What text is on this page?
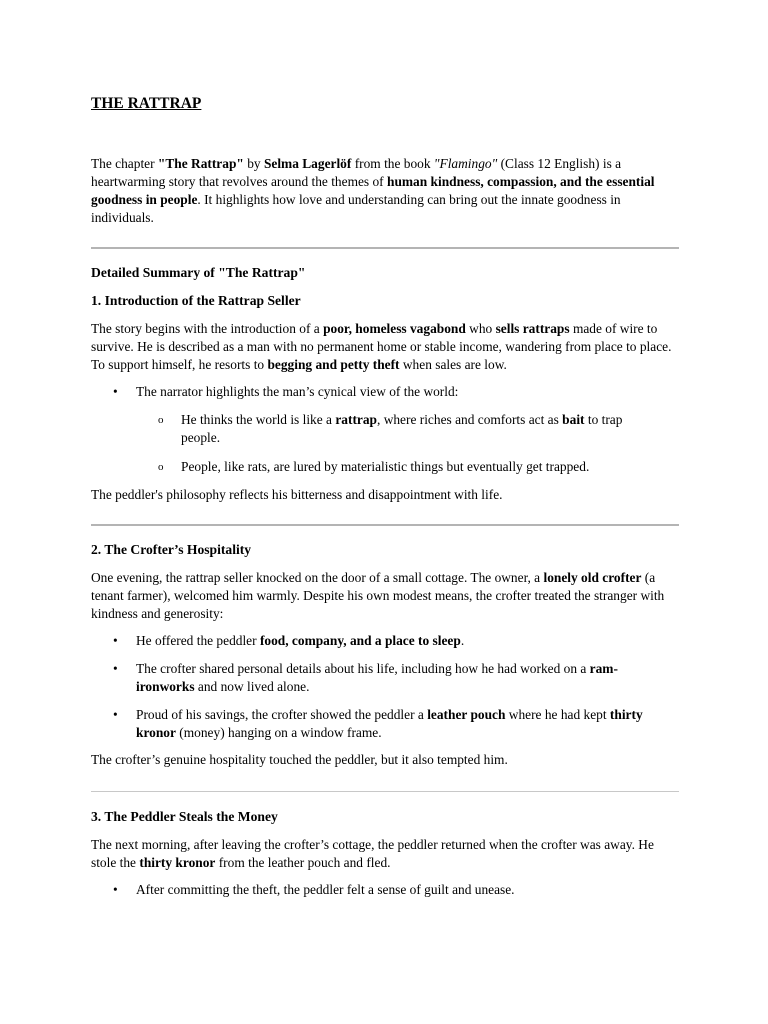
THE RATTRAP

The chapter "The Rattrap" by Selma Lagerlöf from the book "Flamingo" (Class 12 English) is a heartwarming story that revolves around the themes of human kindness, compassion, and the essential goodness in people. It highlights how love and understanding can bring out the innate goodness in individuals.

Detailed Summary of "The Rattrap"
1. Introduction of the Rattrap Seller

The story begins with the introduction of a poor, homeless vagabond who sells rattraps made of wire to survive. He is described as a man with no permanent home or stable income, wandering from place to place. To support himself, he resorts to begging and petty theft when sales are low.

• The narrator highlights the man’s cynical view of the world:
o He thinks the world is like a rattrap, where riches and comforts act as bait to trap people.
o People, like rats, are lured by materialistic things but eventually get trapped.

The peddler's philosophy reflects his bitterness and disappointment with life.

2. The Crofter’s Hospitality

One evening, the rattrap seller knocked on the door of a small cottage. The owner, a lonely old crofter (a tenant farmer), welcomed him warmly. Despite his own modest means, the crofter treated the stranger with kindness and generosity:

• He offered the peddler food, company, and a place to sleep.
• The crofter shared personal details about his life, including how he had worked on a ram-ironworks and now lived alone.
• Proud of his savings, the crofter showed the peddler a leather pouch where he had kept thirty kronor (money) hanging on a window frame.

The crofter’s genuine hospitality touched the peddler, but it also tempted him.

3. The Peddler Steals the Money

The next morning, after leaving the crofter’s cottage, the peddler returned when the crofter was away. He stole the thirty kronor from the leather pouch and fled.

• After committing the theft, the peddler felt a sense of guilt and unease.
